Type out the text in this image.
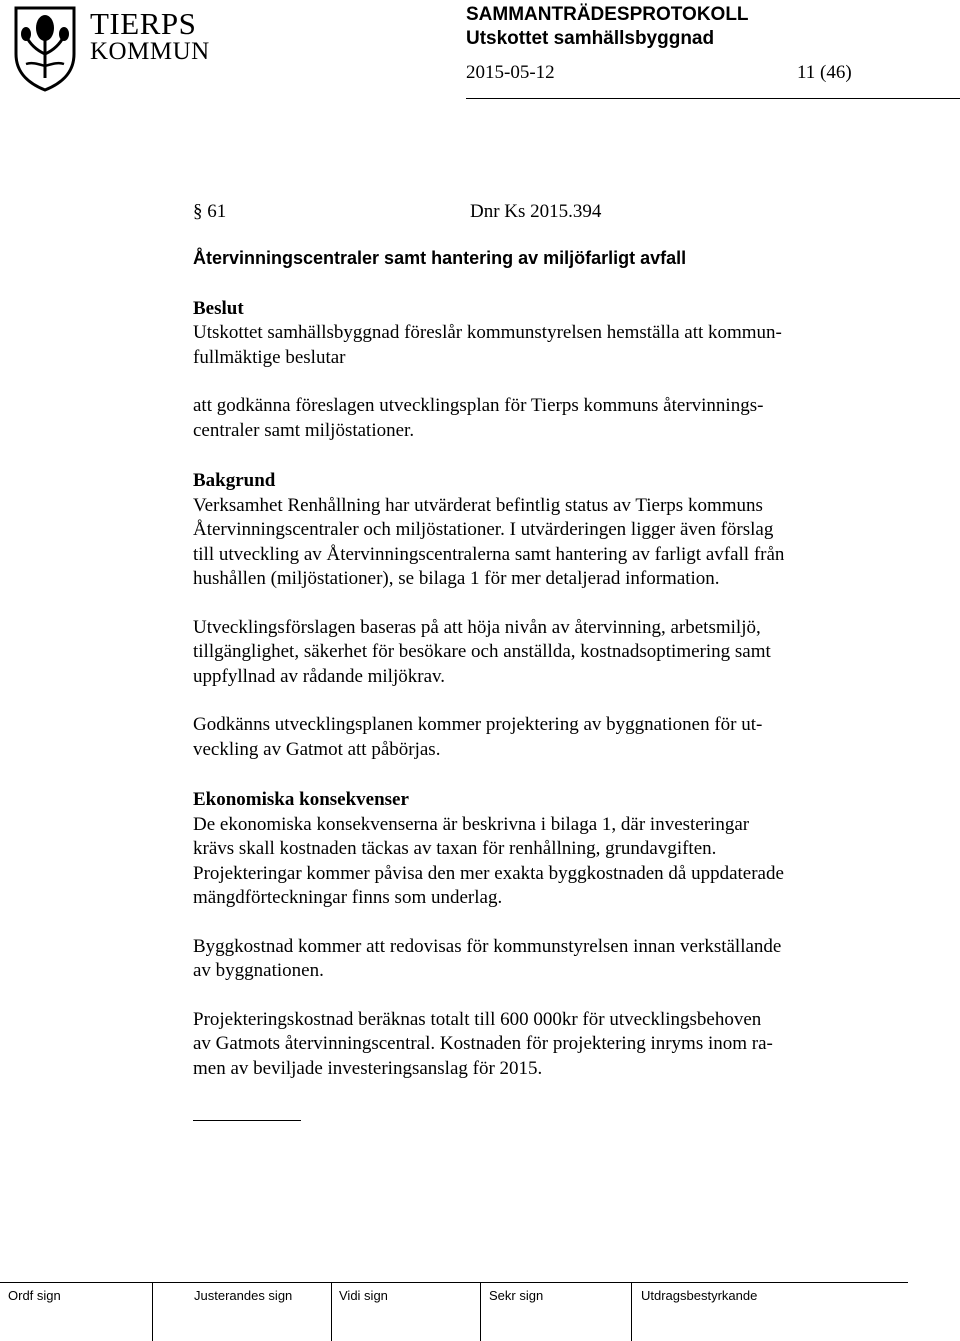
TIERPS
KOMMUN
SAMMANTRÄDESPROTOKOLL
Utskottet samhällsbyggnad
2015-05-12	11 (46)
§ 61	Dnr Ks 2015.394
Återvinningscentraler samt hantering av miljöfarligt avfall
Beslut
Utskottet samhällsbyggnad föreslår kommunstyrelsen hemställa att kommun-
fullmäktige beslutar
att godkänna föreslagen utvecklingsplan för Tierps kommuns återvinnings-
centraler samt miljöstationer.
Bakgrund
Verksamhet Renhållning har utvärderat befintlig status av Tierps kommuns
Återvinningscentraler och miljöstationer. I utvärderingen ligger även förslag
till utveckling av Återvinningscentralerna samt hantering av farligt avfall från
hushållen (miljöstationer), se bilaga 1 för mer detaljerad information.
Utvecklingsförslagen baseras på att höja nivån av återvinning, arbetsmiljö,
tillgänglighet, säkerhet för besökare och anställda, kostnadsoptimering samt
uppfyllnad av rådande miljökrav.
Godkänns utvecklingsplanen kommer projektering av byggnationen för ut-
veckling av Gatmot att påbörjas.
Ekonomiska konsekvenser
De ekonomiska konsekvenserna är beskrivna i bilaga 1, där investeringar
krävs skall kostnaden täckas av taxan för renhållning, grundavgiften.
Projekteringar kommer påvisa den mer exakta byggkostnaden då uppdaterade
mängdförteckningar finns som underlag.
Byggkostnad kommer att redovisas för kommunstyrelsen innan verkställande
av byggnationen.
Projekteringskostnad beräknas totalt till 600 000kr för utvecklingsbehoven
av Gatmots återvinningscentral. Kostnaden för projektering inryms inom ra-
men av beviljade investeringsanslag för 2015.
Ordf sign	Justerandes sign	Vidi sign	Sekr sign	Utdragsbestyrkande
